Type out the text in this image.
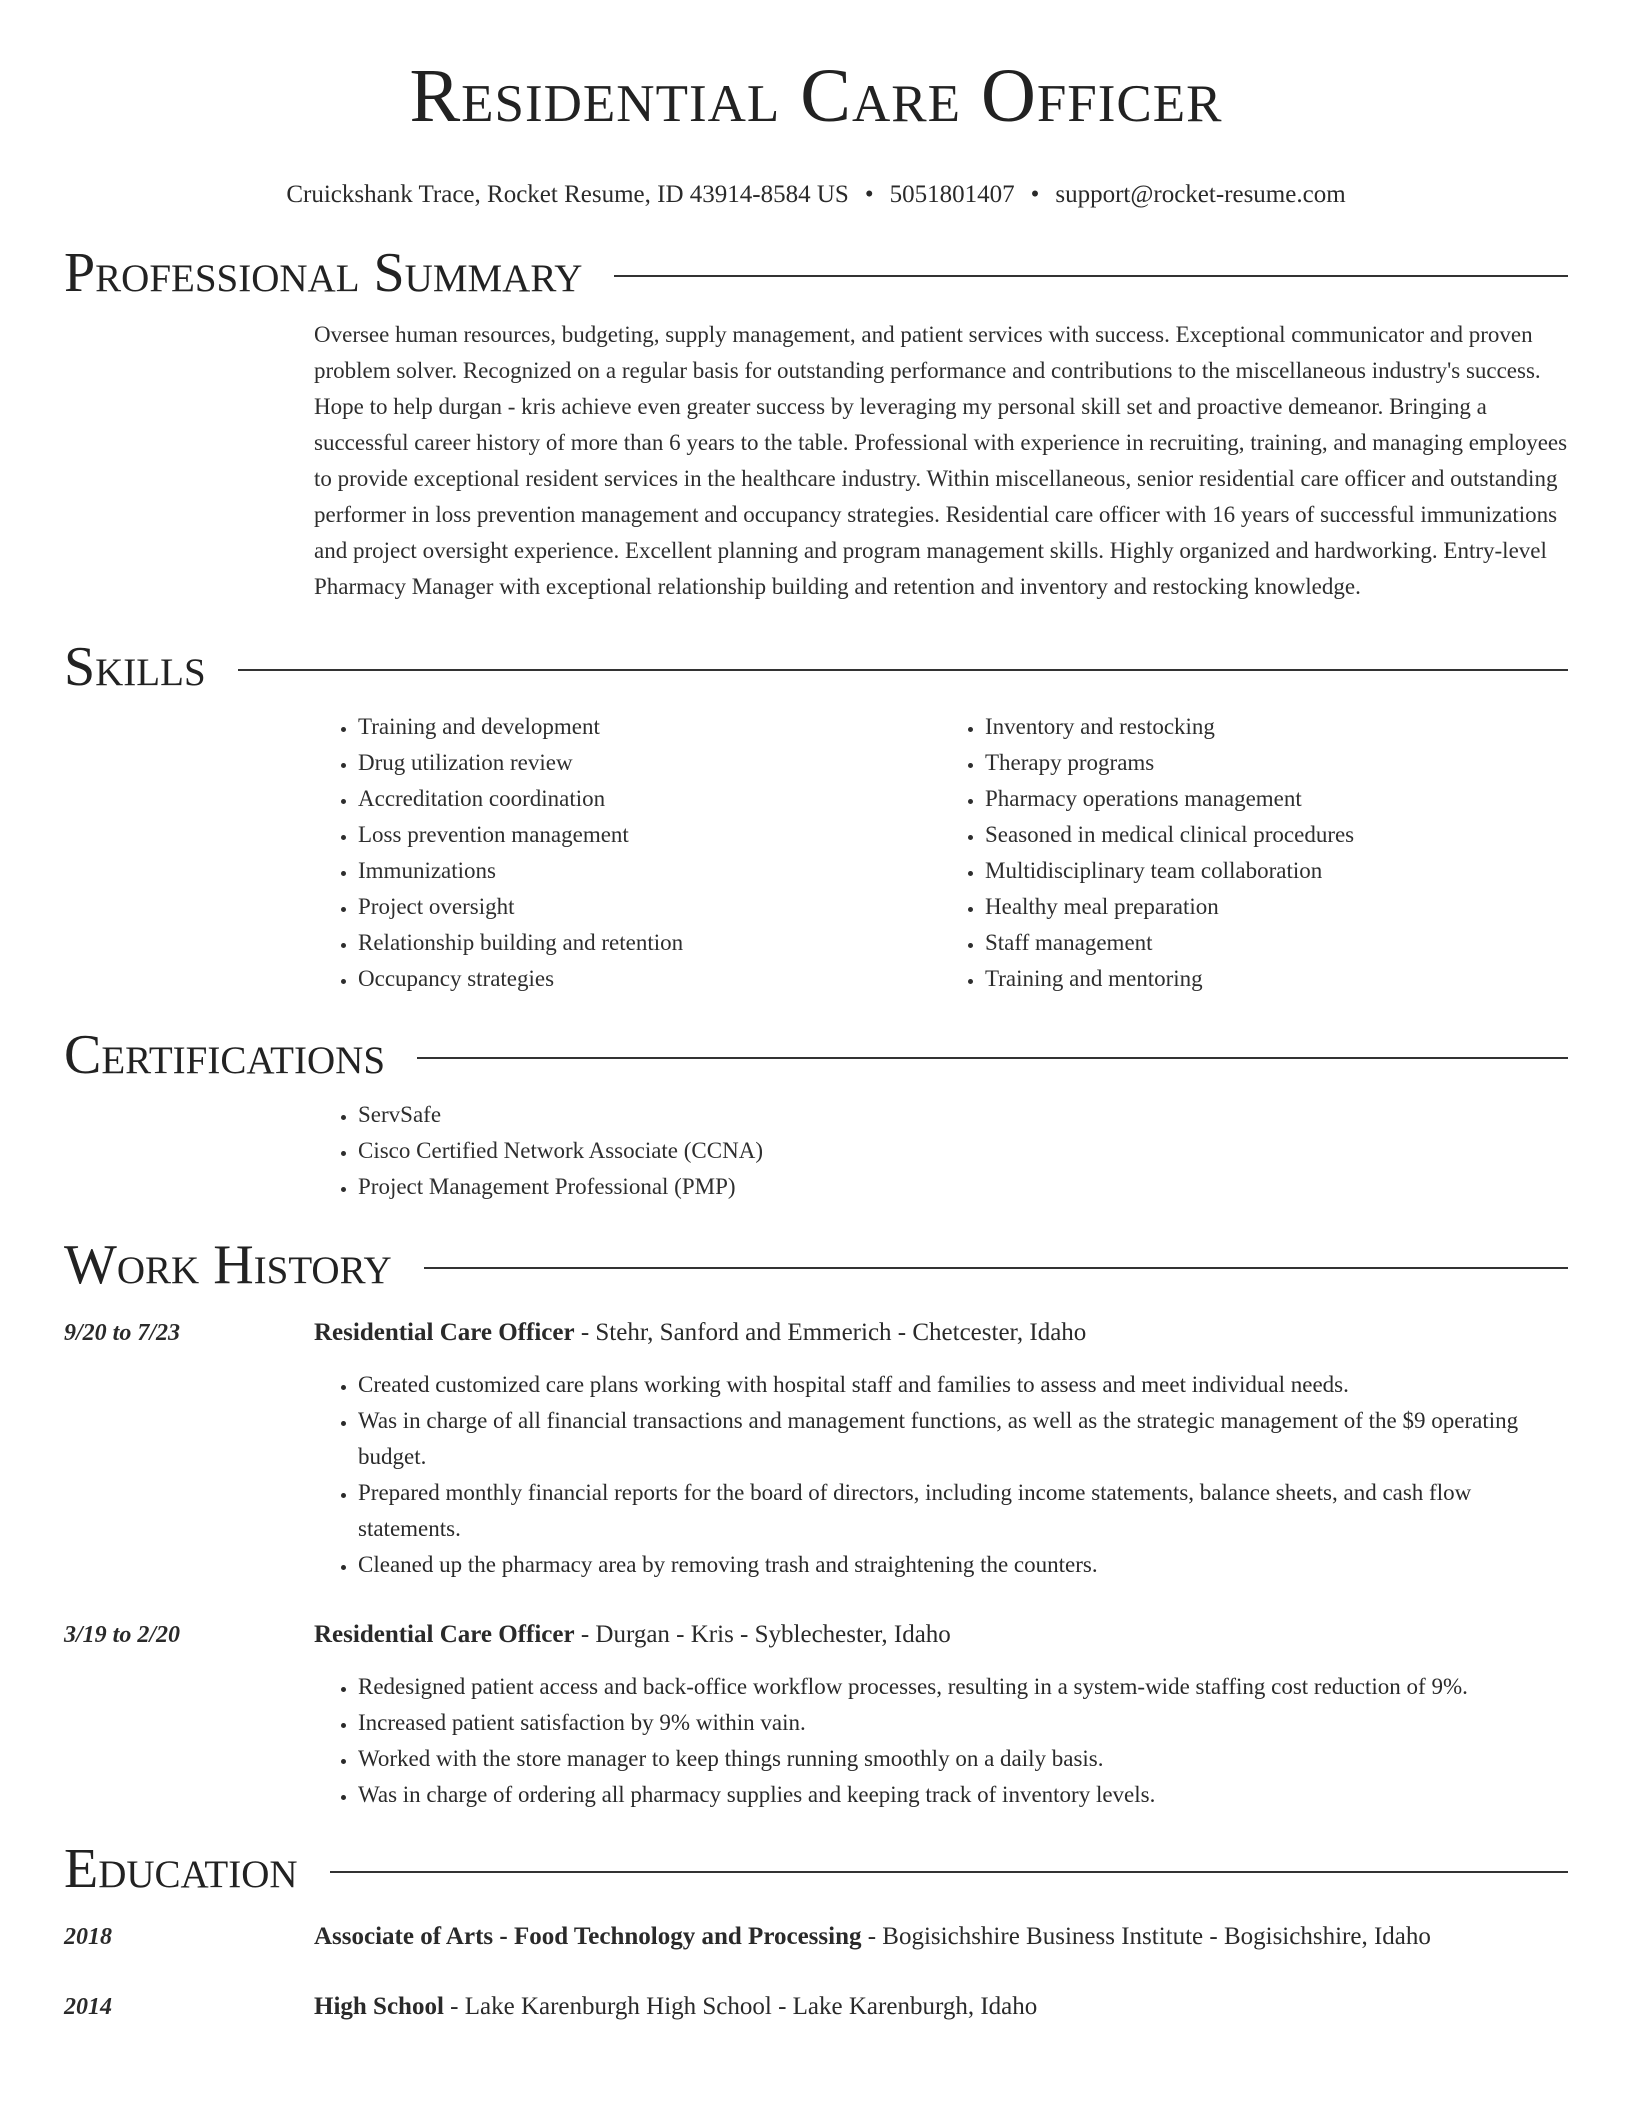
Residential Care Officer
Cruickshank Trace, Rocket Resume, ID 43914-8584 US • 5051801407 • support@rocket-resume.com
Professional Summary

Oversee human resources, budgeting, supply management, and patient services with success. Exceptional communicator and proven problem solver. Recognized on a regular basis for outstanding performance and contributions to the miscellaneous industry's success. Hope to help durgan - kris achieve even greater success by leveraging my personal skill set and proactive demeanor. Bringing a successful career history of more than 6 years to the table. Professional with experience in recruiting, training, and managing employees to provide exceptional resident services in the healthcare industry. Within miscellaneous, senior residential care officer and outstanding performer in loss prevention management and occupancy strategies. Residential care officer with 16 years of successful immunizations and project oversight experience. Excellent planning and program management skills. Highly organized and hardworking. Entry-level Pharmacy Manager with exceptional relationship building and retention and inventory and restocking knowledge.

Skills
• Training and development
• Drug utilization review
• Accreditation coordination
• Loss prevention management
• Immunizations
• Project oversight
• Relationship building and retention
• Occupancy strategies
• Inventory and restocking
• Therapy programs
• Pharmacy operations management
• Seasoned in medical clinical procedures
• Multidisciplinary team collaboration
• Healthy meal preparation
• Staff management
• Training and mentoring
Certifications
• ServSafe
• Cisco Certified Network Associate (CCNA)
• Project Management Professional (PMP)
Work History
9/20 to 7/23	Residential Care Officer - Stehr, Sanford and Emmerich - Chetcester, Idaho
• Created customized care plans working with hospital staff and families to assess and meet individual needs.
• Was in charge of all financial transactions and management functions, as well as the strategic management of the $9 operating budget.
• Prepared monthly financial reports for the board of directors, including income statements, balance sheets, and cash flow statements.
• Cleaned up the pharmacy area by removing trash and straightening the counters.
3/19 to 2/20	Residential Care Officer - Durgan - Kris - Syblechester, Idaho
• Redesigned patient access and back-office workflow processes, resulting in a system-wide staffing cost reduction of 9%.
• Increased patient satisfaction by 9% within vain.
• Worked with the store manager to keep things running smoothly on a daily basis.
• Was in charge of ordering all pharmacy supplies and keeping track of inventory levels.
Education
2018	Associate of Arts - Food Technology and Processing - Bogisichshire Business Institute - Bogisichshire, Idaho
2014	High School - Lake Karenburgh High School - Lake Karenburgh, Idaho
